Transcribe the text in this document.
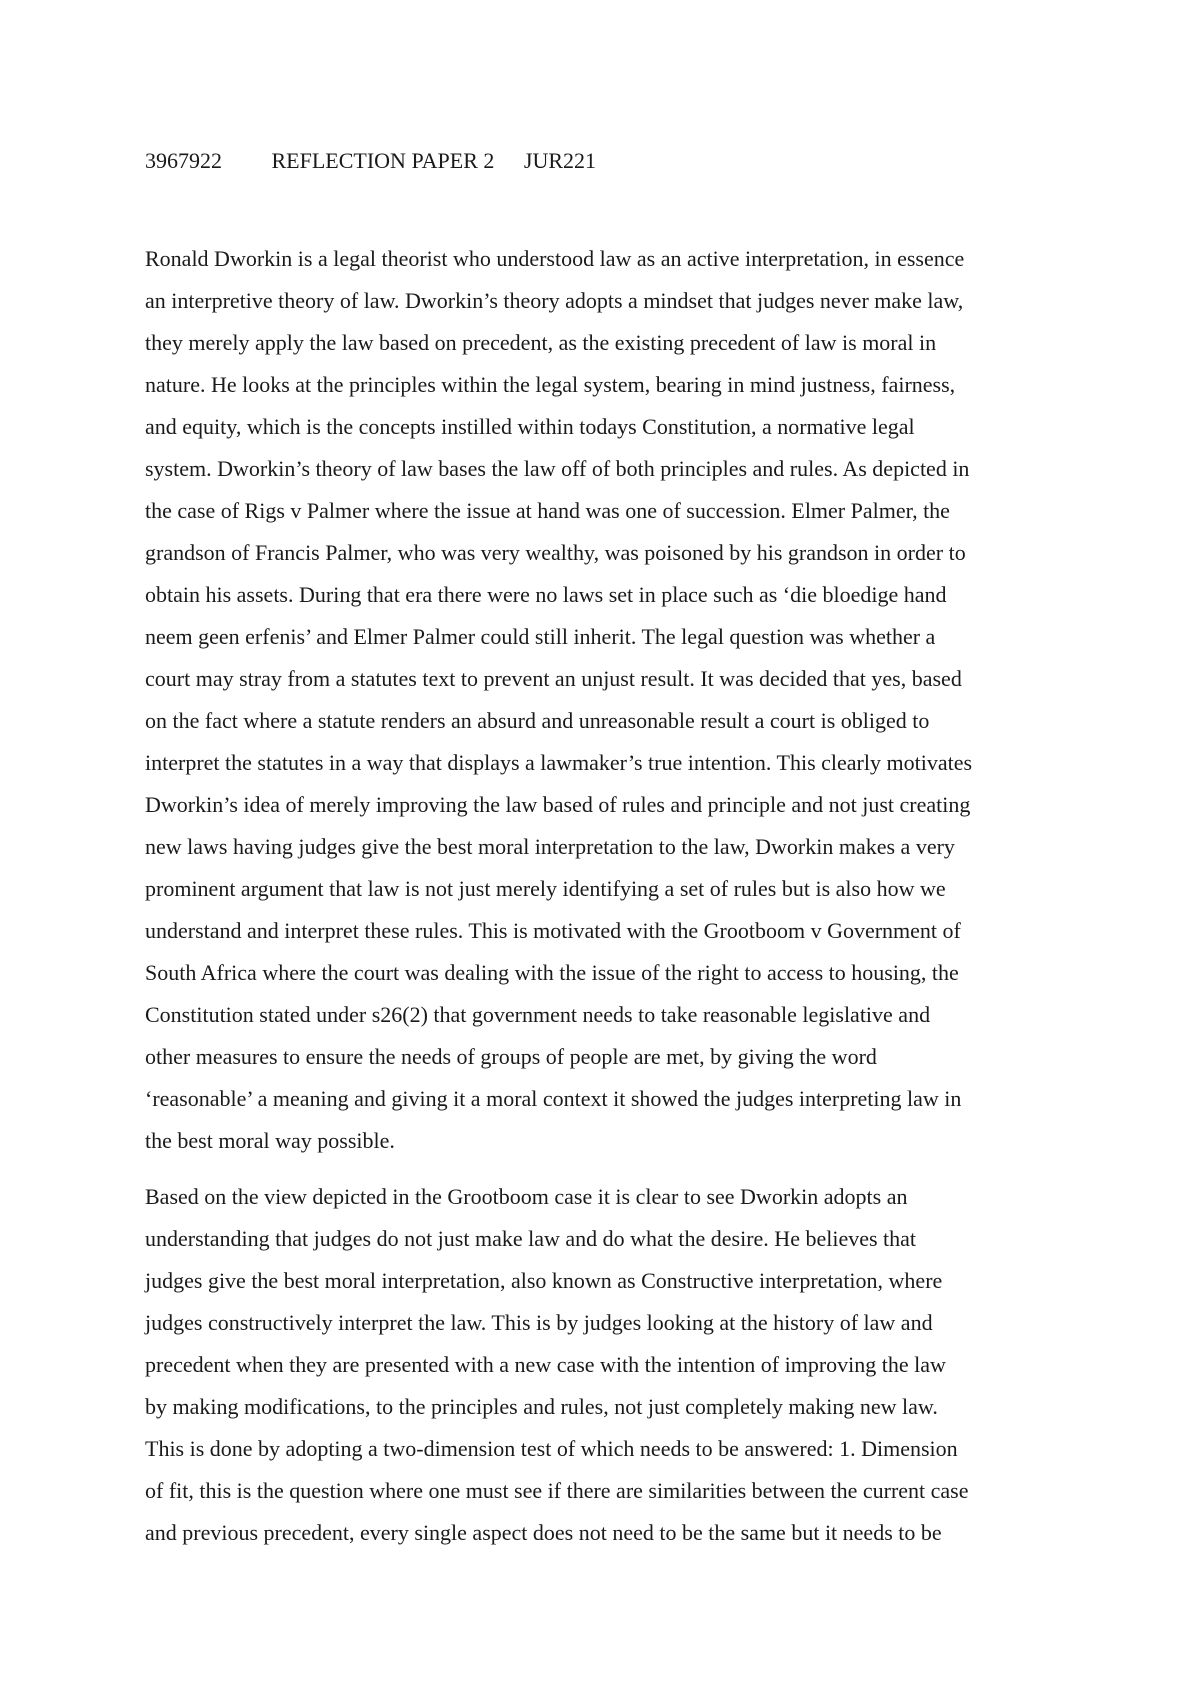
3967922 REFLECTION PAPER 2 JUR221

Ronald Dworkin is a legal theorist who understood law as an active interpretation, in essence
an interpretive theory of law. Dworkin’s theory adopts a mindset that judges never make law,
they merely apply the law based on precedent, as the existing precedent of law is moral in
nature. He looks at the principles within the legal system, bearing in mind justness, fairness,
and equity, which is the concepts instilled within todays Constitution, a normative legal
system. Dworkin’s theory of law bases the law off of both principles and rules. As depicted in
the case of Rigs v Palmer where the issue at hand was one of succession. Elmer Palmer, the
grandson of Francis Palmer, who was very wealthy, was poisoned by his grandson in order to
obtain his assets. During that era there were no laws set in place such as ‘die bloedige hand
neem geen erfenis’ and Elmer Palmer could still inherit. The legal question was whether a
court may stray from a statutes text to prevent an unjust result. It was decided that yes, based
on the fact where a statute renders an absurd and unreasonable result a court is obliged to
interpret the statutes in a way that displays a lawmaker’s true intention. This clearly motivates
Dworkin’s idea of merely improving the law based of rules and principle and not just creating
new laws having judges give the best moral interpretation to the law, Dworkin makes a very
prominent argument that law is not just merely identifying a set of rules but is also how we
understand and interpret these rules. This is motivated with the Grootboom v Government of
South Africa where the court was dealing with the issue of the right to access to housing, the
Constitution stated under s26(2) that government needs to take reasonable legislative and
other measures to ensure the needs of groups of people are met, by giving the word
‘reasonable’ a meaning and giving it a moral context it showed the judges interpreting law in
the best moral way possible.

Based on the view depicted in the Grootboom case it is clear to see Dworkin adopts an
understanding that judges do not just make law and do what the desire. He believes that
judges give the best moral interpretation, also known as Constructive interpretation, where
judges constructively interpret the law. This is by judges looking at the history of law and
precedent when they are presented with a new case with the intention of improving the law
by making modifications, to the principles and rules, not just completely making new law.
This is done by adopting a two-dimension test of which needs to be answered: 1. Dimension
of fit, this is the question where one must see if there are similarities between the current case
and previous precedent, every single aspect does not need to be the same but it needs to be
